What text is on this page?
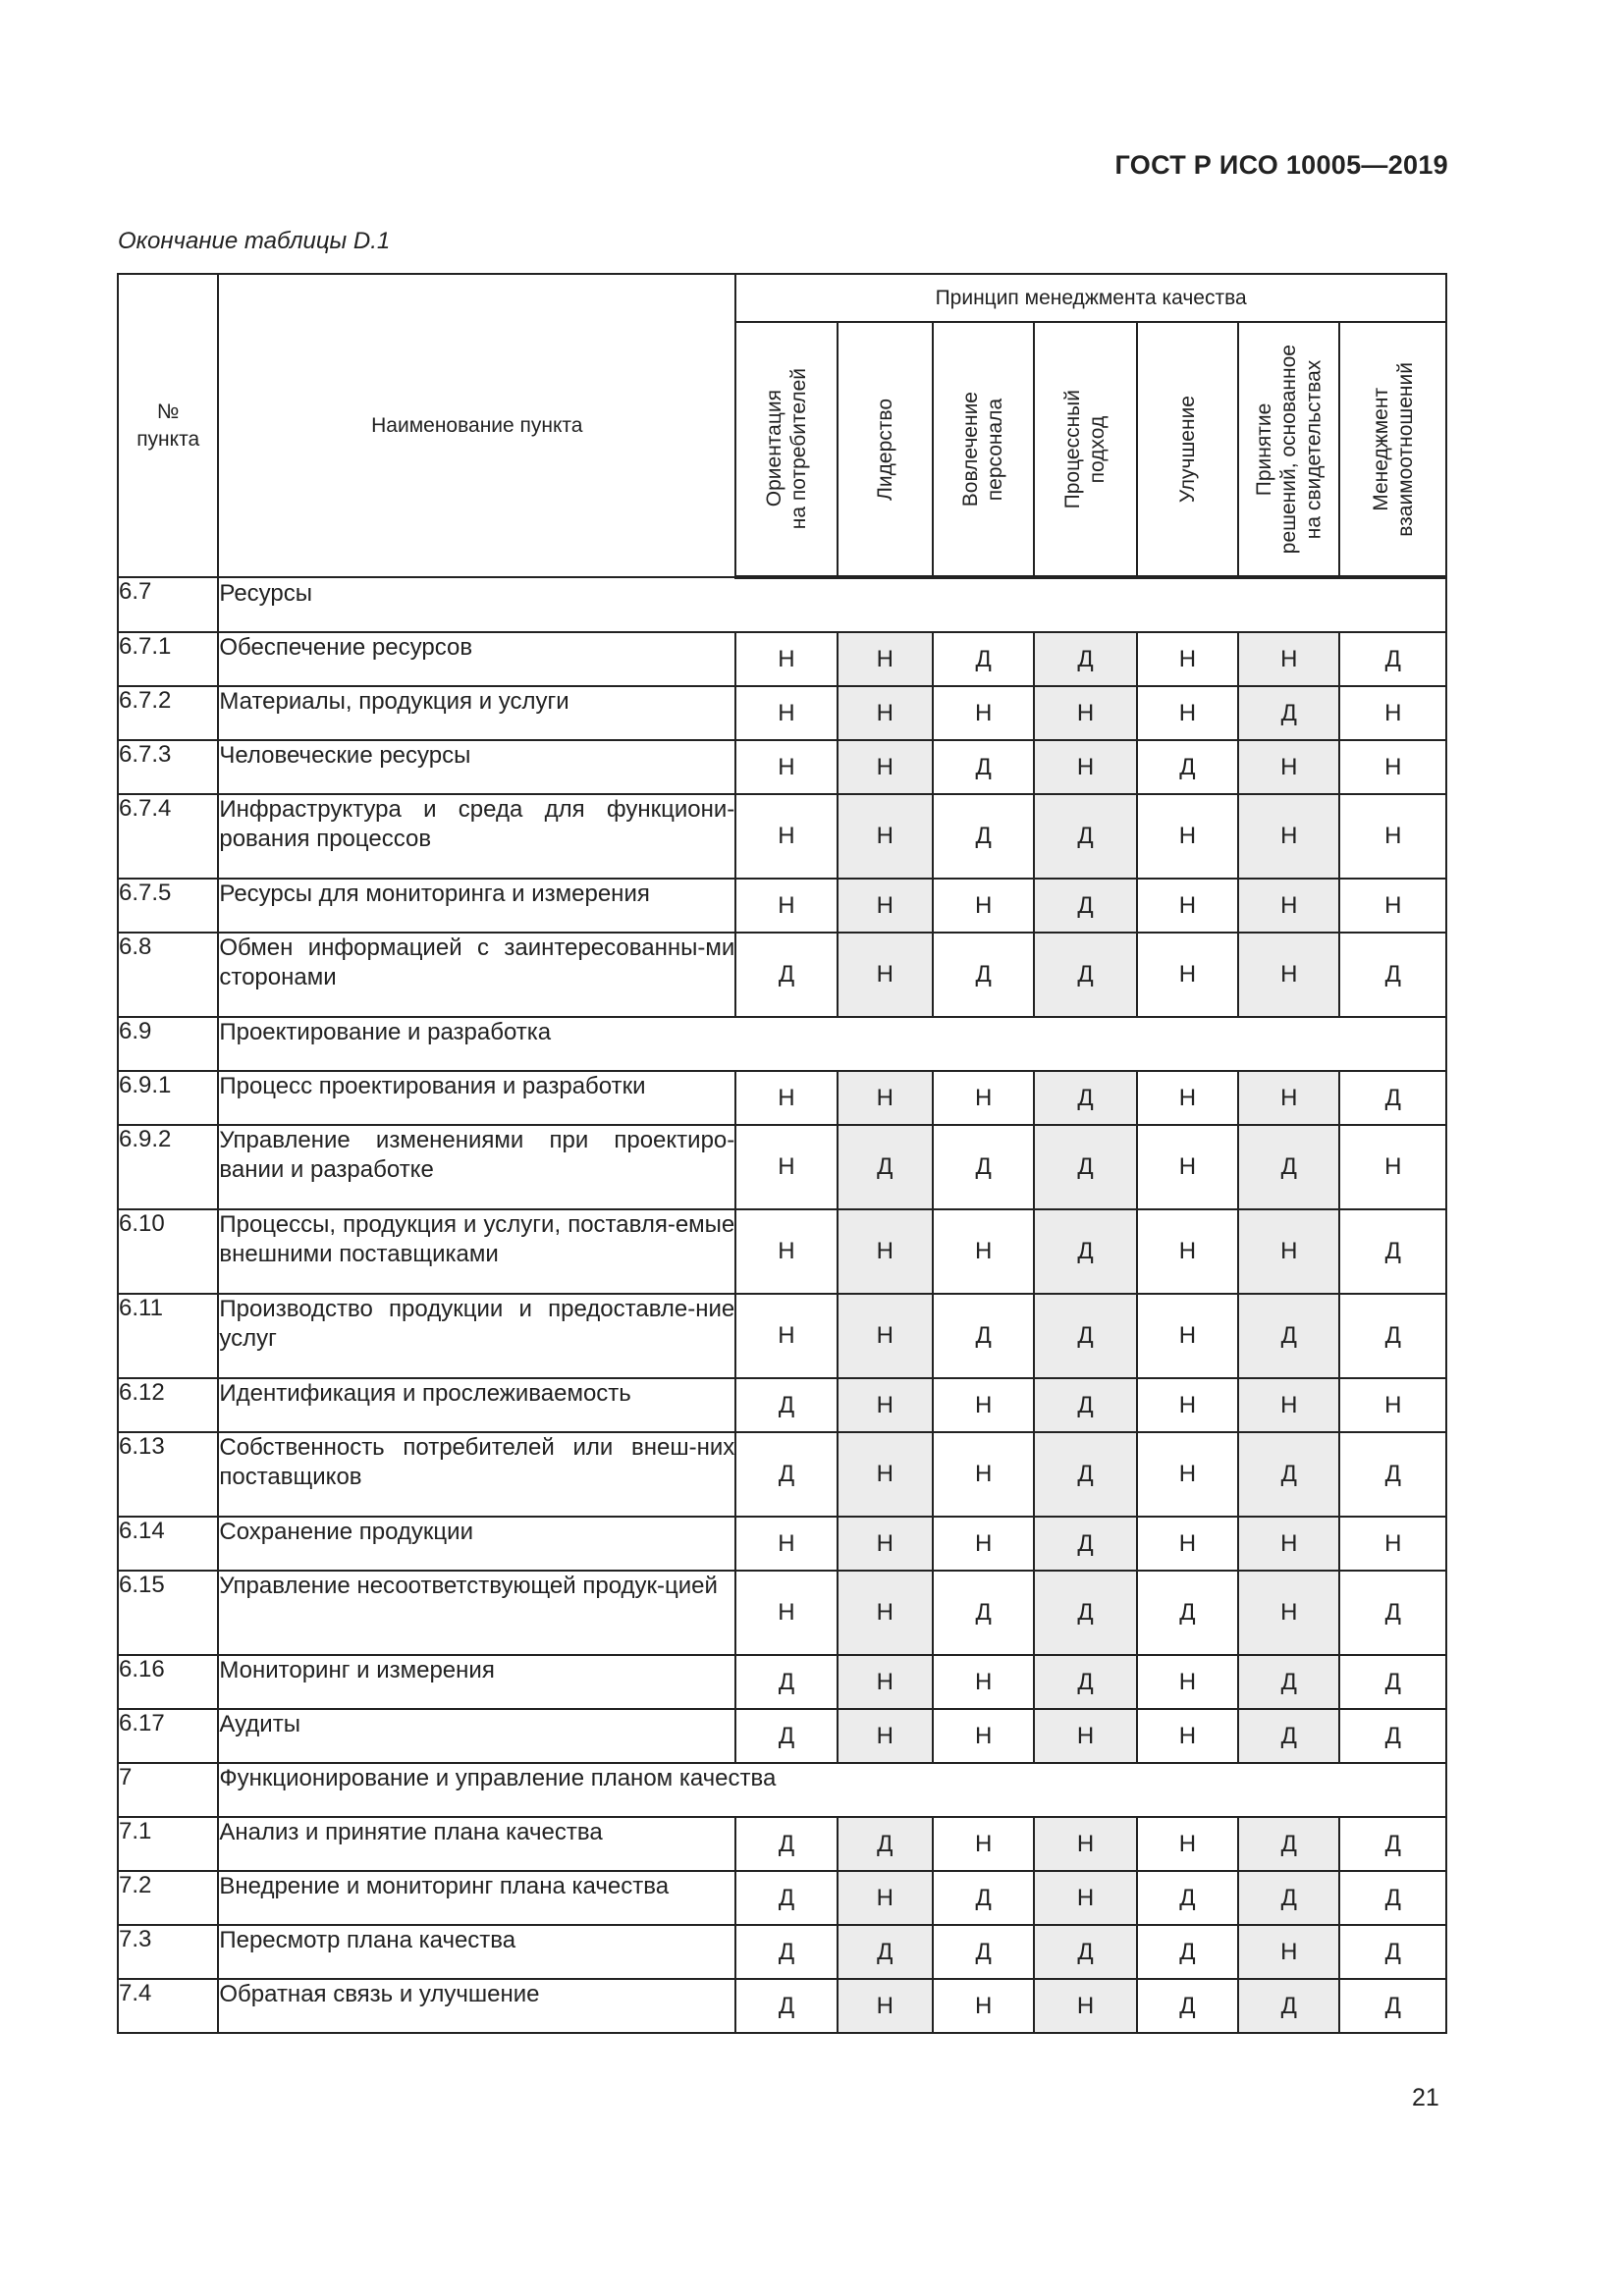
ГОСТ Р ИСО 10005—2019
Окончание таблицы D.1
№ пункта	Наименование пункта	Принцип менеджмента качества						

		Ориентация на потребителей	Лидерство	Вовлечение персонала	Процессный подход	Улучшение	Принятие решений, основанное на свидетельствах	Менеджмент взаимоотношений

6.7	Ресурсы							
6.7.1	Обеспечение ресурсов	Н	Н	Д	Д	Н	Н	Д
6.7.2	Материалы, продукция и услуги	Н	Н	Н	Н	Н	Д	Н
6.7.3	Человеческие ресурсы	Н	Н	Д	Н	Д	Н	Н
6.7.4	Инфраструктура и среда для функциони-рования процессов	Н	Н	Д	Д	Н	Н	Н
6.7.5	Ресурсы для мониторинга и измерения	Н	Н	Н	Д	Н	Н	Н
6.8	Обмен информацией с заинтересованны-ми сторонами	Д	Н	Д	Д	Н	Н	Д
6.9	Проектирование и разработка							
6.9.1	Процесс проектирования и разработки	Н	Н	Н	Д	Н	Н	Д
6.9.2	Управление изменениями при проектиро-вании и разработке	Н	Д	Д	Д	Н	Д	Н
6.10	Процессы, продукция и услуги, поставля-емые внешними поставщиками	Н	Н	Н	Д	Н	Н	Д
6.11	Производство продукции и предоставле-ние услуг	Н	Н	Д	Д	Н	Д	Д
6.12	Идентификация и прослеживаемость	Д	Н	Н	Д	Н	Н	Н
6.13	Собственность потребителей или внеш-них поставщиков	Д	Н	Н	Д	Н	Д	Д
6.14	Сохранение продукции	Н	Н	Н	Д	Н	Н	Н
6.15	Управление несоответствующей продук-цией	Н	Н	Д	Д	Д	Н	Д
6.16	Мониторинг и измерения	Д	Н	Н	Д	Н	Д	Д
6.17	Аудиты	Д	Н	Н	Н	Н	Д	Д
7	Функционирование и управление планом качества							
7.1	Анализ и принятие плана качества	Д	Д	Н	Н	Н	Д	Д
7.2	Внедрение и мониторинг плана качества	Д	Н	Д	Н	Д	Д	Д
7.3	Пересмотр плана качества	Д	Д	Д	Д	Д	Н	Д
7.4	Обратная связь и улучшение	Д	Н	Н	Н	Д	Д	Д
21
